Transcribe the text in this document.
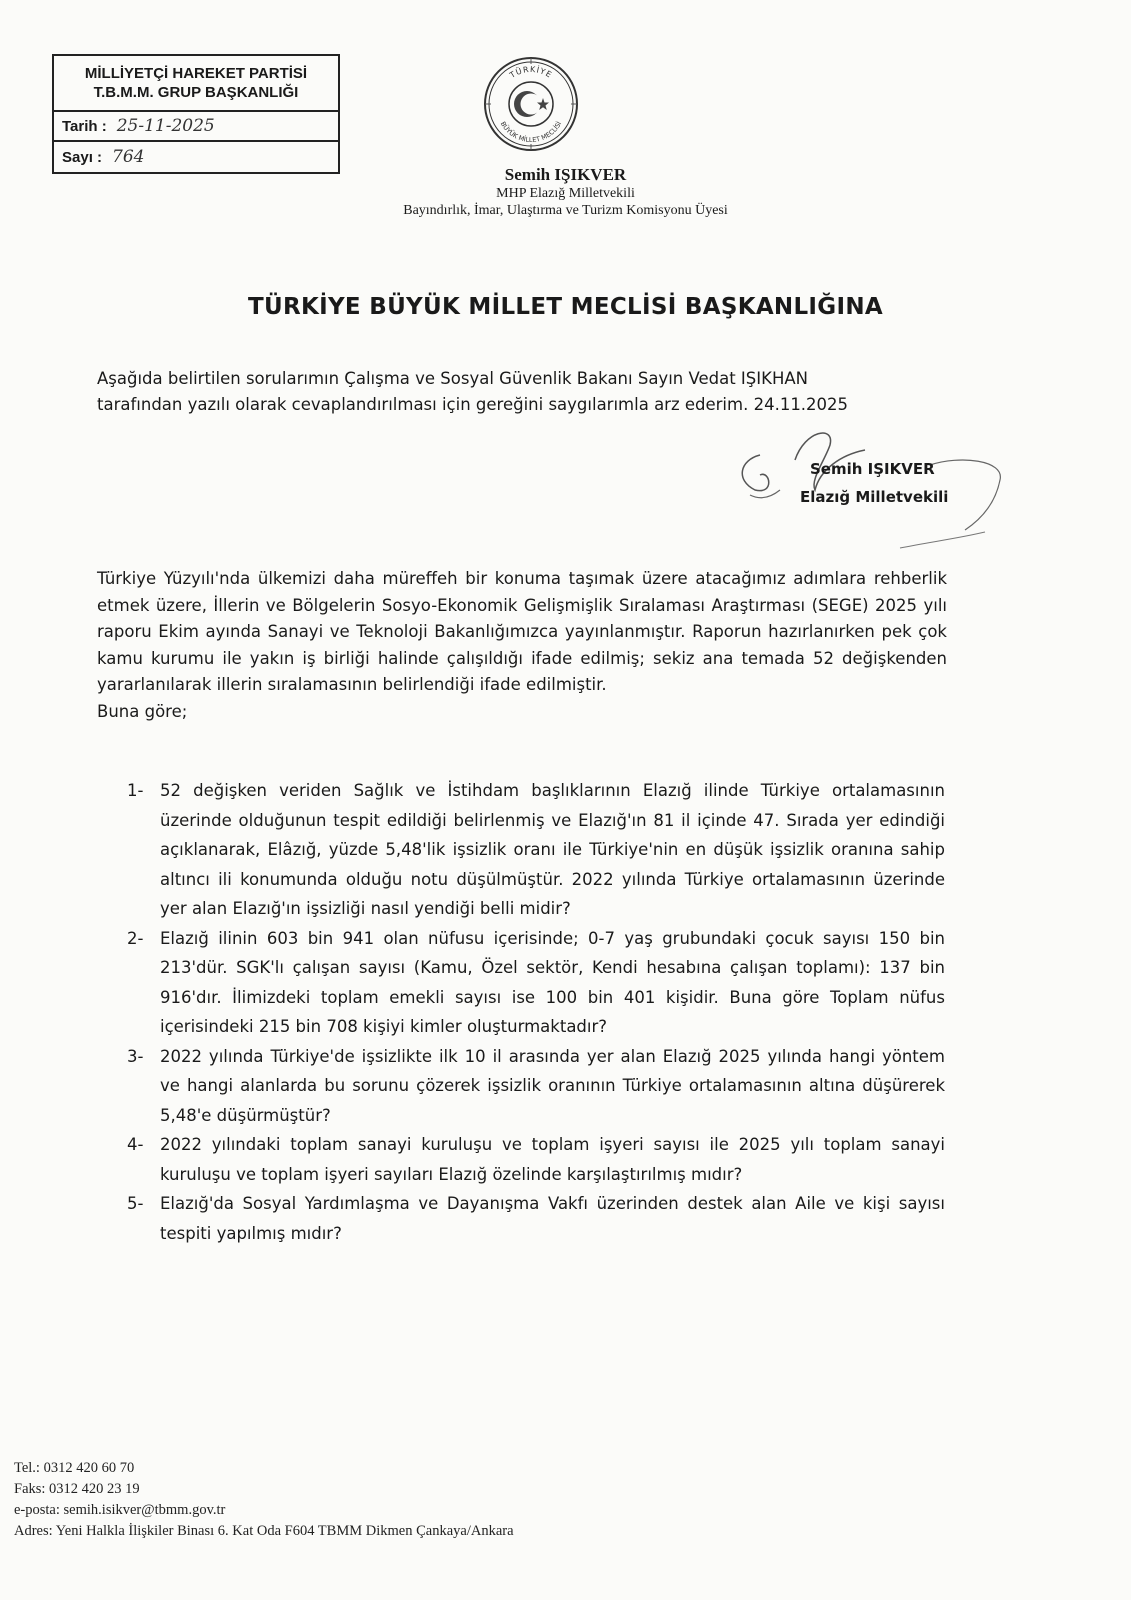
MİLLİYETÇİ HAREKET PARTİSİ
T.B.M.M. GRUP BAŞKANLIĞI
Tarih : 25-11-2025
Sayı : 764
TÜRKİYE
BÜYÜK MİLLET MECLİSİ
Semih IŞIKVER
MHP Elazığ Milletvekili
Bayındırlık, İmar, Ulaştırma ve Turizm Komisyonu Üyesi
TÜRKİYE BÜYÜK MİLLET MECLİSİ BAŞKANLIĞINA
Aşağıda belirtilen sorularımın Çalışma ve Sosyal Güvenlik Bakanı Sayın Vedat IŞIKHAN tarafından yazılı olarak cevaplandırılması için gereğini saygılarımla arz ederim. 24.11.2025
Semih IŞIKVER
Elazığ Milletvekili
Türkiye Yüzyılı'nda ülkemizi daha müreffeh bir konuma taşımak üzere atacağımız adımlara rehberlik etmek üzere, İllerin ve Bölgelerin Sosyo-Ekonomik Gelişmişlik Sıralaması Araştırması (SEGE) 2025 yılı raporu Ekim ayında Sanayi ve Teknoloji Bakanlığımızca yayınlanmıştır. Raporun hazırlanırken pek çok kamu kurumu ile yakın iş birliği halinde çalışıldığı ifade edilmiş; sekiz ana temada 52 değişkenden yararlanılarak illerin sıralamasının belirlendiği ifade edilmiştir.
Buna göre;
1-	52 değişken veriden Sağlık ve İstihdam başlıklarının Elazığ ilinde Türkiye ortalamasının üzerinde olduğunun tespit edildiği belirlenmiş ve Elazığ'ın 81 il içinde 47. Sırada yer edindiği açıklanarak, Elâzığ, yüzde 5,48'lik işsizlik oranı ile Türkiye'nin en düşük işsizlik oranına sahip altıncı ili konumunda olduğu notu düşülmüştür. 2022 yılında Türkiye ortalamasının üzerinde yer alan Elazığ'ın işsizliği nasıl yendiği belli midir?
2-	Elazığ ilinin 603 bin 941 olan nüfusu içerisinde; 0-7 yaş grubundaki çocuk sayısı 150 bin 213'dür. SGK'lı çalışan sayısı (Kamu, Özel sektör, Kendi hesabına çalışan toplamı): 137 bin 916'dır. İlimizdeki toplam emekli sayısı ise 100 bin 401 kişidir. Buna göre Toplam nüfus içerisindeki 215 bin 708 kişiyi kimler oluşturmaktadır?
3-	2022 yılında Türkiye'de işsizlikte ilk 10 il arasında yer alan Elazığ 2025 yılında hangi yöntem ve hangi alanlarda bu sorunu çözerek işsizlik oranının Türkiye ortalamasının altına düşürerek 5,48'e düşürmüştür?
4-	2022 yılındaki toplam sanayi kuruluşu ve toplam işyeri sayısı ile 2025 yılı toplam sanayi kuruluşu ve toplam işyeri sayıları Elazığ özelinde karşılaştırılmış mıdır?
5-	Elazığ'da Sosyal Yardımlaşma ve Dayanışma Vakfı üzerinden destek alan Aile ve kişi sayısı tespiti yapılmış mıdır?
Tel.: 0312 420 60 70
Faks: 0312 420 23 19
e-posta: semih.isikver@tbmm.gov.tr
Adres: Yeni Halkla İlişkiler Binası 6. Kat Oda F604 TBMM Dikmen Çankaya/Ankara
